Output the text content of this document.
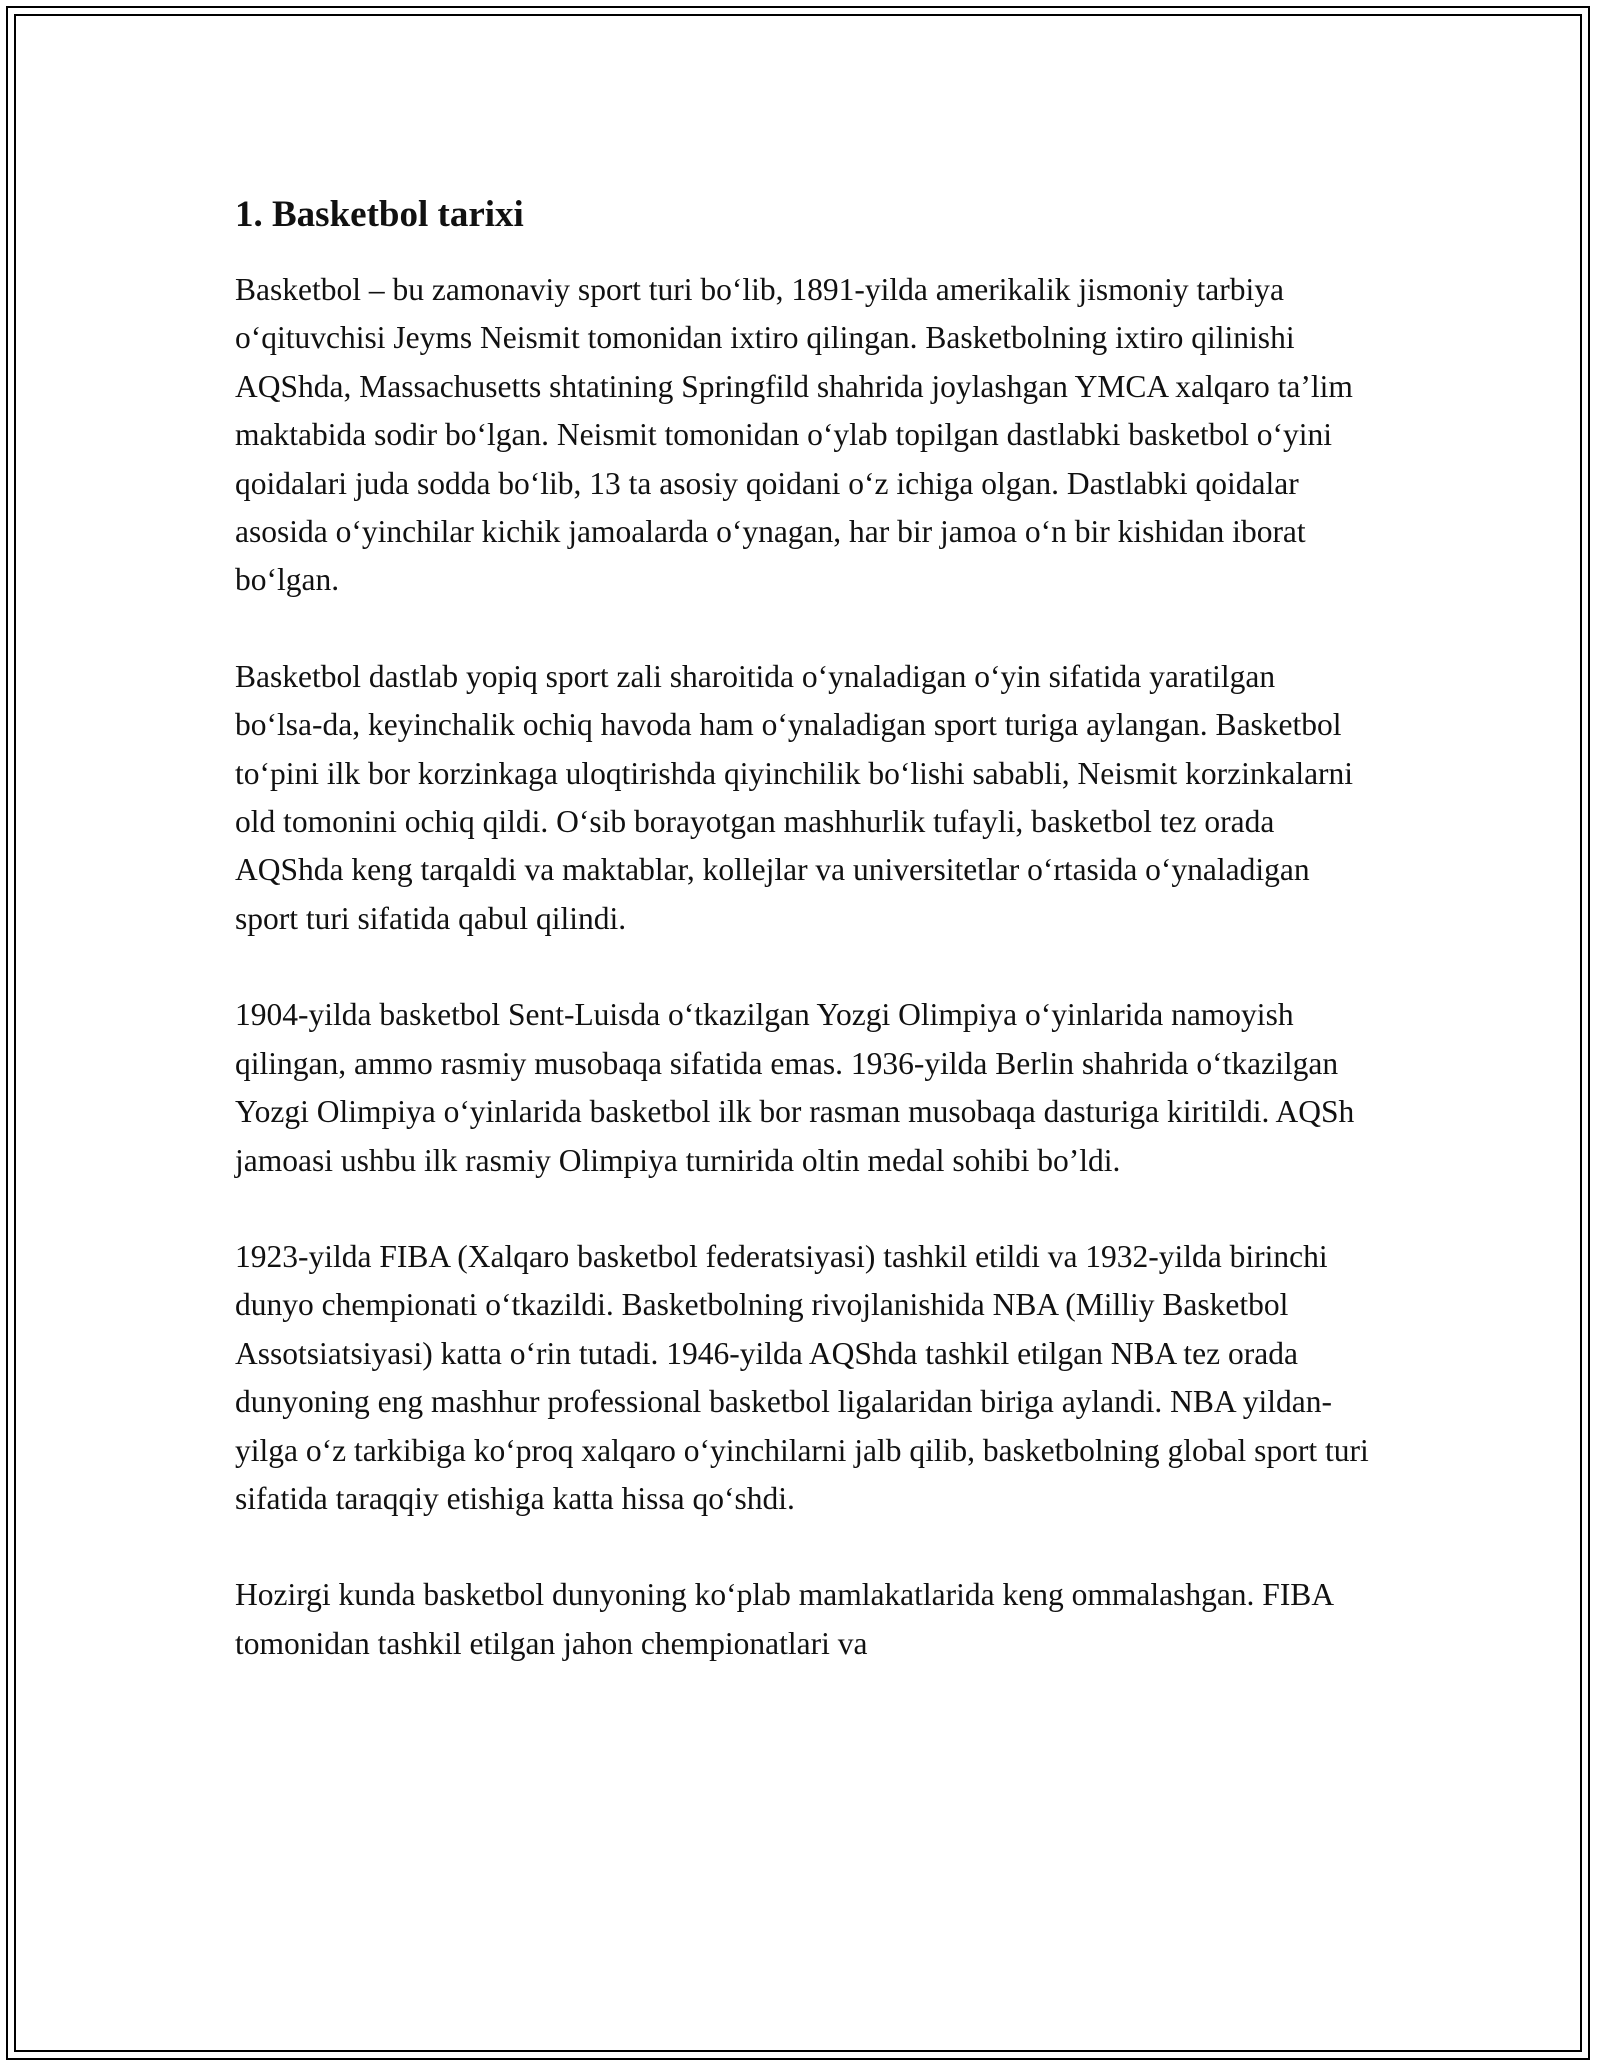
1. Basketbol tarixi

Basketbol – bu zamonaviy sport turi bo‘lib, 1891-yilda amerikalik jismoniy tarbiya o‘qituvchisi Jeyms Neismit tomonidan ixtiro qilingan. Basketbolning ixtiro qilinishi AQShda, Massachusetts shtatining Springfild shahrida joylashgan YMCA xalqaro ta’lim maktabida sodir bo‘lgan. Neismit tomonidan o‘ylab topilgan dastlabki basketbol o‘yini qoidalari juda sodda bo‘lib, 13 ta asosiy qoidani o‘z ichiga olgan. Dastlabki qoidalar asosida o‘yinchilar kichik jamoalarda o‘ynagan, har bir jamoa o‘n bir kishidan iborat bo‘lgan.

Basketbol dastlab yopiq sport zali sharoitida o‘ynaladigan o‘yin sifatida yaratilgan bo‘lsa-da, keyinchalik ochiq havoda ham o‘ynaladigan sport turiga aylangan. Basketbol to‘pini ilk bor korzinkaga uloqtirishda qiyinchilik bo‘lishi sababli, Neismit korzinkalarni old tomonini ochiq qildi. O‘sib borayotgan mashhurlik tufayli, basketbol tez orada AQShda keng tarqaldi va maktablar, kollejlar va universitetlar o‘rtasida o‘ynaladigan sport turi sifatida qabul qilindi.

1904-yilda basketbol Sent-Luisda o‘tkazilgan Yozgi Olimpiya o‘yinlarida namoyish qilingan, ammo rasmiy musobaqa sifatida emas. 1936-yilda Berlin shahrida o‘tkazilgan Yozgi Olimpiya o‘yinlarida basketbol ilk bor rasman musobaqa dasturiga kiritildi. AQSh jamoasi ushbu ilk rasmiy Olimpiya turnirida oltin medal sohibi bo’ldi.

1923-yilda FIBA (Xalqaro basketbol federatsiyasi) tashkil etildi va 1932-yilda birinchi dunyo chempionati o‘tkazildi. Basketbolning rivojlanishida NBA (Milliy Basketbol Assotsiatsiyasi) katta o‘rin tutadi. 1946-yilda AQShda tashkil etilgan NBA tez orada dunyoning eng mashhur professional basketbol ligalaridan biriga aylandi. NBA yildan-yilga o‘z tarkibiga ko‘proq xalqaro o‘yinchilarni jalb qilib, basketbolning global sport turi sifatida taraqqiy etishiga katta hissa qo‘shdi.

Hozirgi kunda basketbol dunyoning ko‘plab mamlakatlarida keng ommalashgan. FIBA tomonidan tashkil etilgan jahon chempionatlari va
